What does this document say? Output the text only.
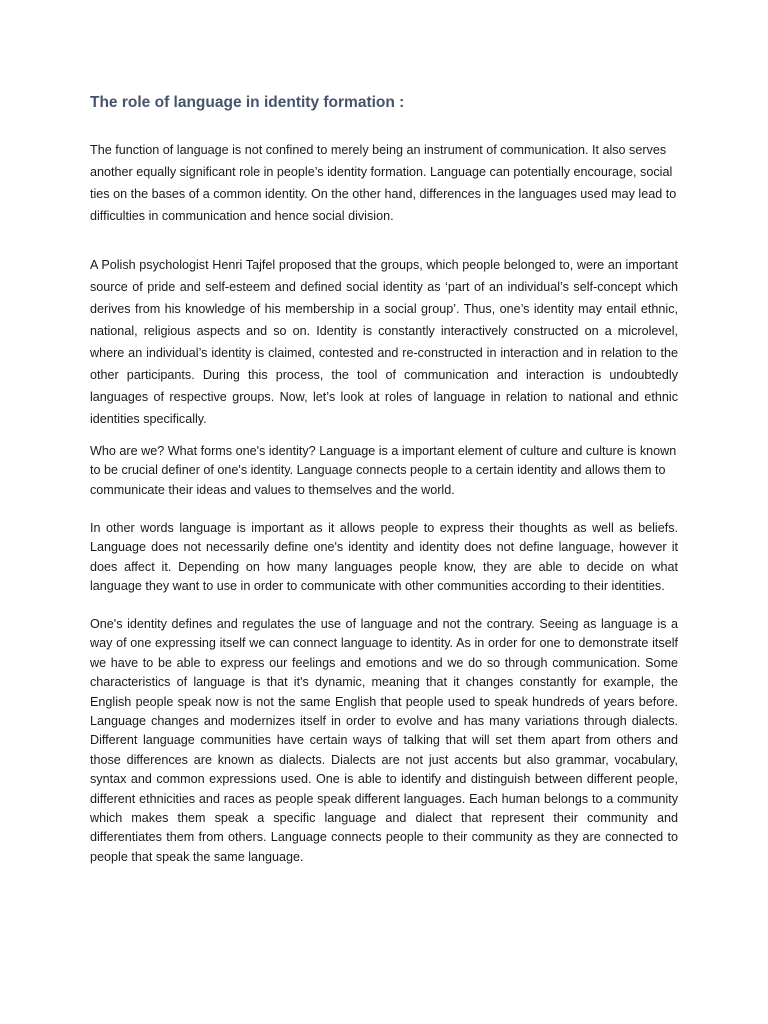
The role of language in identity formation :

The function of language is not confined to merely being an instrument of communication. It also serves another equally significant role in people’s identity formation. Language can potentially encourage, social ties on the bases of a common identity. On the other hand, differences in the languages used may lead to difficulties in communication and hence social division.

A Polish psychologist Henri Tajfel proposed that the groups, which people belonged to, were an important source of pride and self-esteem and defined social identity as ‘part of an individual’s self-concept which derives from his knowledge of his membership in a social group’. Thus, one’s identity may entail ethnic, national, religious aspects and so on. Identity is constantly interactively constructed on a microlevel, where an individual’s identity is claimed, contested and re-constructed in interaction and in relation to the other participants. During this process, the tool of communication and interaction is undoubtedly languages of respective groups. Now, let’s look at roles of language in relation to national and ethnic identities specifically.

Who are we? What forms one's identity? Language is a important element of culture and culture is known to be crucial definer of one's identity. Language connects people to a certain identity and allows them to communicate their ideas and values to themselves and the world.

In other words language is important as it allows people to express their thoughts as well as beliefs. Language does not necessarily define one's identity and identity does not define language, however it does affect it. Depending on how many languages people know, they are able to decide on what language they want to use in order to communicate with other communities according to their identities.

One's identity defines and regulates the use of language and not the contrary. Seeing as language is a way of one expressing itself we can connect language to identity. As in order for one to demonstrate itself we have to be able to express our feelings and emotions and we do so through communication. Some characteristics of language is that it's dynamic, meaning that it changes constantly for example, the English people speak now is not the same English that people used to speak hundreds of years before. Language changes and modernizes itself in order to evolve and has many variations through dialects. Different language communities have certain ways of talking that will set them apart from others and those differences are known as dialects. Dialects are not just accents but also grammar, vocabulary, syntax and common expressions used. One is able to identify and distinguish between different people, different ethnicities and races as people speak different languages. Each human belongs to a community which makes them speak a specific language and dialect that represent their community and differentiates them from others. Language connects people to their community as they are connected to people that speak the same language.
